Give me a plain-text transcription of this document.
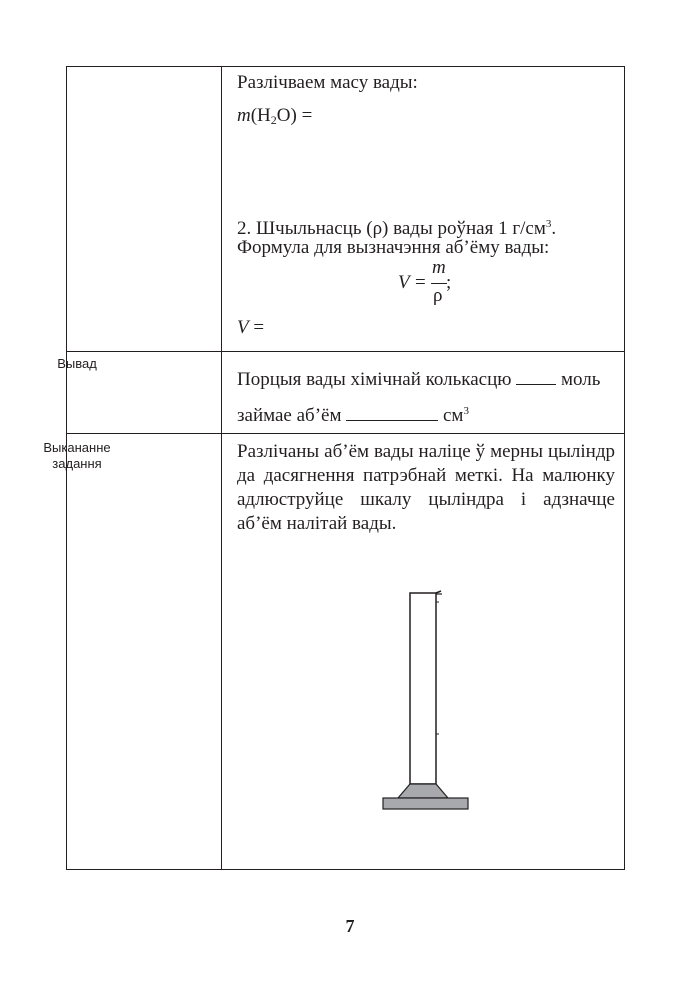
Разлічваем масу вады:
$m(H_2O)$ =
2. Шчыльнасць (ρ) вады роўная 1 $г/см^3$.
Формула для вызначэння аб’ёму вады:
V =
m
ρ
;
V =
Вывад
Порцыя вады хімічнай колькасцю	моль
займае аб’ём	$см^3$
Выкананне
задання
Разлічаны аб’ём вады наліце ў мерны цыліндр да дасягнення патрэбнай меткі. На малюнку адлюструйце шкалу цыліндра і адзначце аб’ём налітай вады.
7
